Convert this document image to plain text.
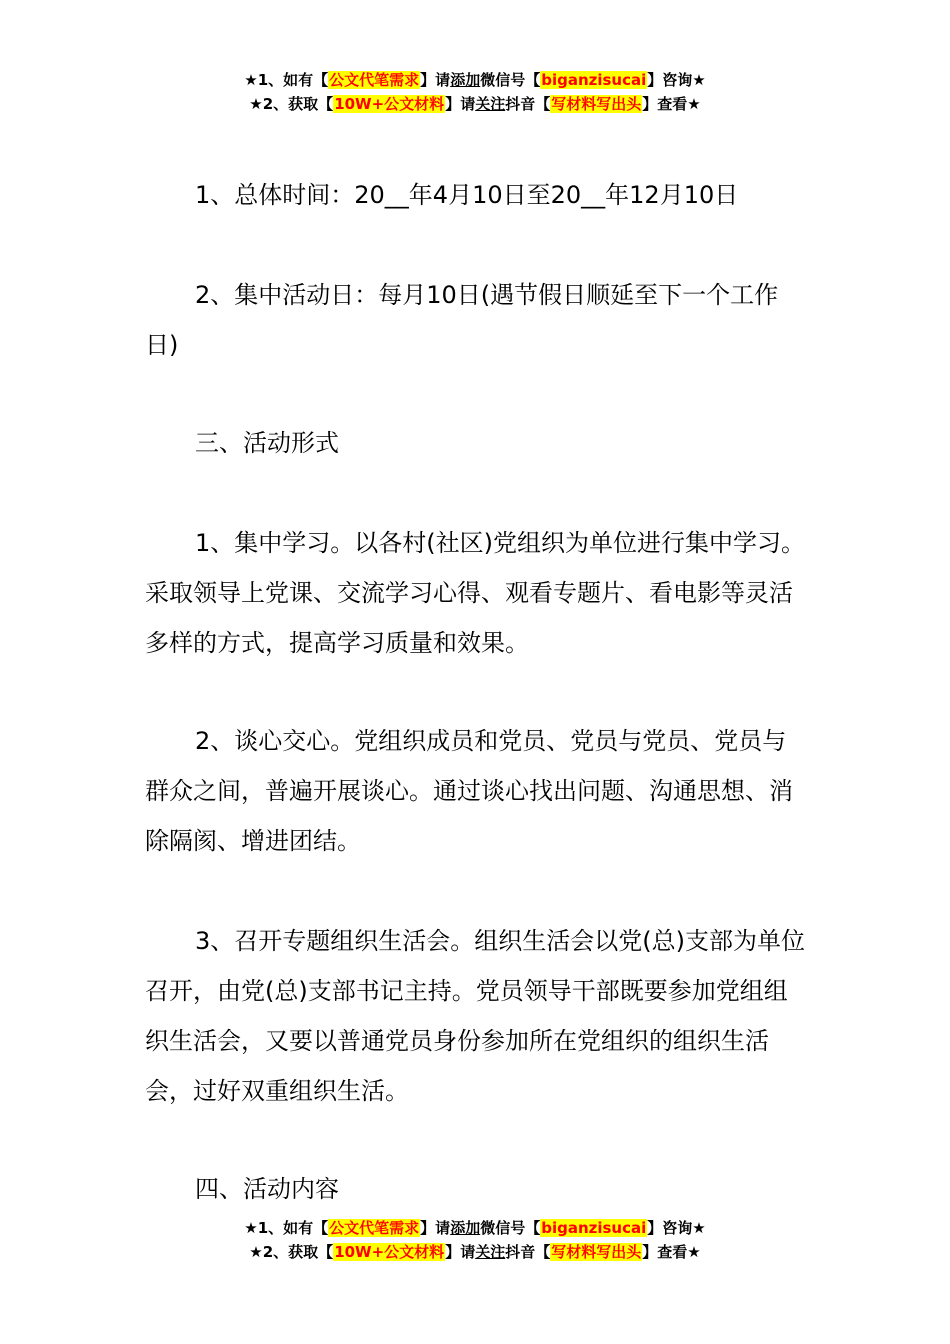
★1、如有【公文代笔需求】请添加微信号【biganzisucai】咨询★
★2、获取【10W+公文材料】请关注抖音【写材料写出头】查看★

1、总体时间：20__年4月10日至20__年12月10日

2、集中活动日：每月10日(遇节假日顺延至下一个工作日)

三、活动形式

1、集中学习。以各村(社区)党组织为单位进行集中学习。采取领导上党课、交流学习心得、观看专题片、看电影等灵活多样的方式，提高学习质量和效果。

2、谈心交心。党组织成员和党员、党员与党员、党员与群众之间，普遍开展谈心。通过谈心找出问题、沟通思想、消除隔阂、增进团结。

3、召开专题组织生活会。组织生活会以党(总)支部为单位召开，由党(总)支部书记主持。党员领导干部既要参加党组组织生活会，又要以普通党员身份参加所在党组织的组织生活会，过好双重组织生活。

四、活动内容

★1、如有【公文代笔需求】请添加微信号【biganzisucai】咨询★
★2、获取【10W+公文材料】请关注抖音【写材料写出头】查看★
